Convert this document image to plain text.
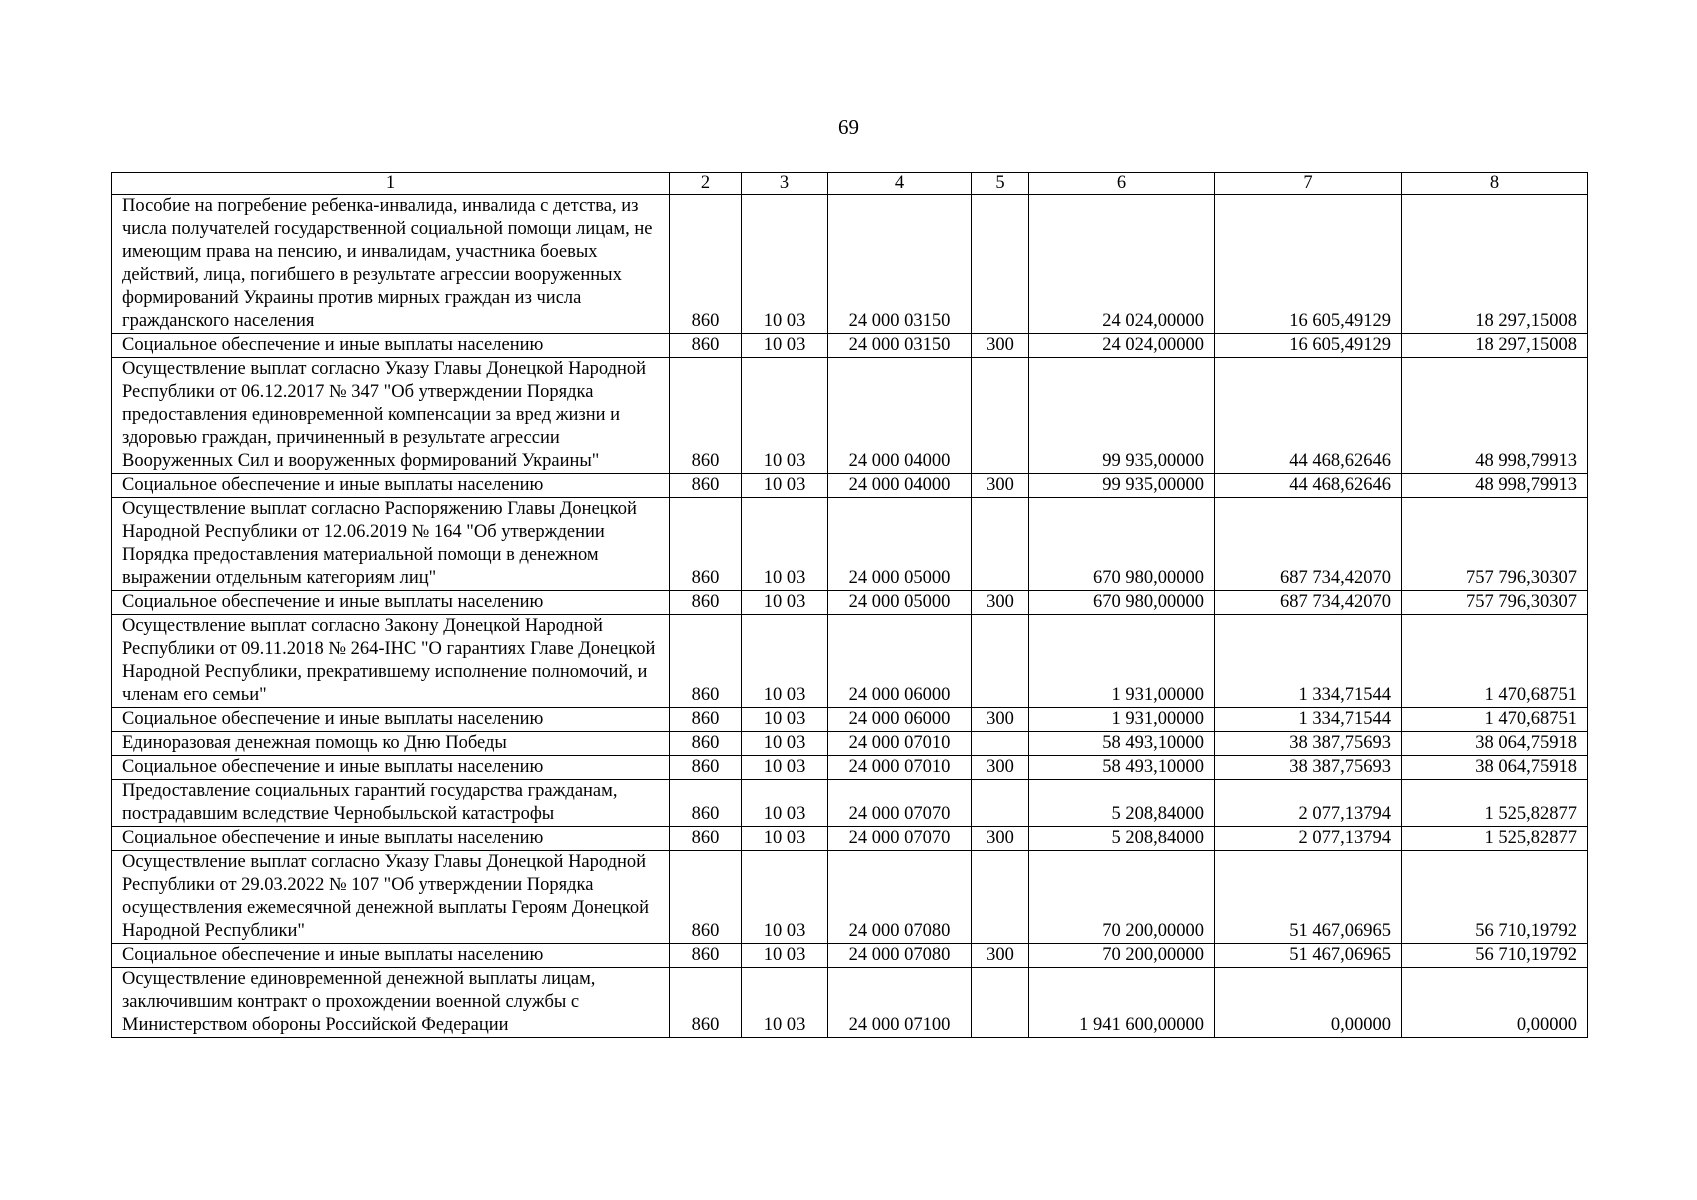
69
1	2	3	4	5	6	7	8
Пособие на погребение ребенка-инвалида, инвалида с детства, из числа получателей государственной социальной помощи лицам, не имеющим права на пенсию, и инвалидам, участника боевых действий, лица, погибшего в результате агрессии вооруженных формирований Украины против мирных граждан из числа гражданского населения	860	10 03	24 000 03150		24 024,00000	16 605,49129	18 297,15008
Социальное обеспечение и иные выплаты населению	860	10 03	24 000 03150	300	24 024,00000	16 605,49129	18 297,15008
Осуществление выплат согласно Указу Главы Донецкой Народной Республики от 06.12.2017 № 347 "Об утверждении Порядка предоставления единовременной компенсации за вред жизни и здоровью граждан, причиненный в результате агрессии Вооруженных Сил и вооруженных формирований Украины"	860	10 03	24 000 04000		99 935,00000	44 468,62646	48 998,79913
Социальное обеспечение и иные выплаты населению	860	10 03	24 000 04000	300	99 935,00000	44 468,62646	48 998,79913
Осуществление выплат согласно Распоряжению Главы Донецкой Народной Республики от 12.06.2019 № 164 "Об утверждении Порядка предоставления материальной помощи в денежном выражении отдельным категориям лиц"	860	10 03	24 000 05000		670 980,00000	687 734,42070	757 796,30307
Социальное обеспечение и иные выплаты населению	860	10 03	24 000 05000	300	670 980,00000	687 734,42070	757 796,30307
Осуществление выплат согласно Закону Донецкой Народной Республики от 09.11.2018 № 264-IНС "О гарантиях Главе Донецкой Народной Республики, прекратившему исполнение полномочий, и членам его семьи"	860	10 03	24 000 06000		1 931,00000	1 334,71544	1 470,68751
Социальное обеспечение и иные выплаты населению	860	10 03	24 000 06000	300	1 931,00000	1 334,71544	1 470,68751
Единоразовая денежная помощь ко Дню Победы	860	10 03	24 000 07010		58 493,10000	38 387,75693	38 064,75918
Социальное обеспечение и иные выплаты населению	860	10 03	24 000 07010	300	58 493,10000	38 387,75693	38 064,75918
Предоставление социальных гарантий государства гражданам, пострадавшим вследствие Чернобыльской катастрофы	860	10 03	24 000 07070		5 208,84000	2 077,13794	1 525,82877
Социальное обеспечение и иные выплаты населению	860	10 03	24 000 07070	300	5 208,84000	2 077,13794	1 525,82877
Осуществление выплат согласно Указу Главы Донецкой Народной Республики от 29.03.2022 № 107 "Об утверждении Порядка осуществления ежемесячной денежной выплаты Героям Донецкой Народной Республики"	860	10 03	24 000 07080		70 200,00000	51 467,06965	56 710,19792
Социальное обеспечение и иные выплаты населению	860	10 03	24 000 07080	300	70 200,00000	51 467,06965	56 710,19792
Осуществление единовременной денежной выплаты лицам, заключившим контракт о прохождении военной службы с Министерством обороны Российской Федерации	860	10 03	24 000 07100		1 941 600,00000	0,00000	0,00000
